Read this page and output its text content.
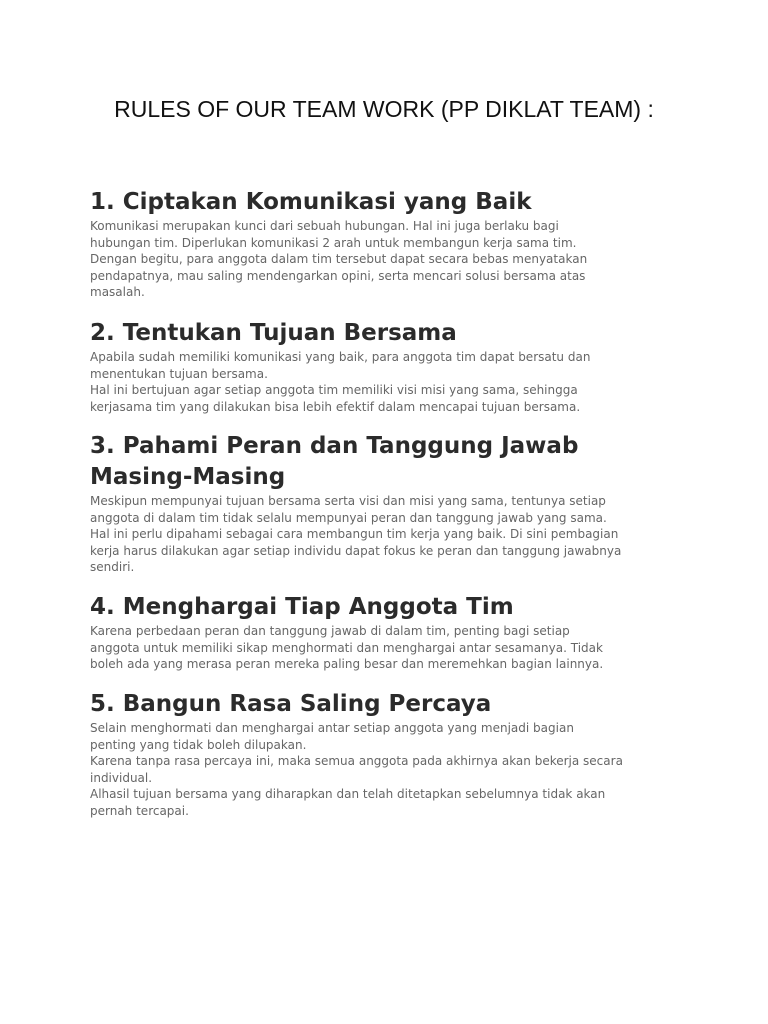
RULES OF OUR TEAM WORK (PP DIKLAT TEAM) :
1. Ciptakan Komunikasi yang Baik
Komunikasi merupakan kunci dari sebuah hubungan. Hal ini juga berlaku bagi
hubungan tim. Diperlukan komunikasi 2 arah untuk membangun kerja sama tim.
Dengan begitu, para anggota dalam tim tersebut dapat secara bebas menyatakan
pendapatnya, mau saling mendengarkan opini, serta mencari solusi bersama atas
masalah.
2. Tentukan Tujuan Bersama
Apabila sudah memiliki komunikasi yang baik, para anggota tim dapat bersatu dan
menentukan tujuan bersama.
Hal ini bertujuan agar setiap anggota tim memiliki visi misi yang sama, sehingga
kerjasama tim yang dilakukan bisa lebih efektif dalam mencapai tujuan bersama.
3. Pahami Peran dan Tanggung Jawab
Masing-Masing
Meskipun mempunyai tujuan bersama serta visi dan misi yang sama, tentunya setiap
anggota di dalam tim tidak selalu mempunyai peran dan tanggung jawab yang sama.
Hal ini perlu dipahami sebagai cara membangun tim kerja yang baik. Di sini pembagian
kerja harus dilakukan agar setiap individu dapat fokus ke peran dan tanggung jawabnya
sendiri.
4. Menghargai Tiap Anggota Tim
Karena perbedaan peran dan tanggung jawab di dalam tim, penting bagi setiap
anggota untuk memiliki sikap menghormati dan menghargai antar sesamanya. Tidak
boleh ada yang merasa peran mereka paling besar dan meremehkan bagian lainnya.
5. Bangun Rasa Saling Percaya
Selain menghormati dan menghargai antar setiap anggota yang menjadi bagian
penting yang tidak boleh dilupakan.
Karena tanpa rasa percaya ini, maka semua anggota pada akhirnya akan bekerja secara
individual.
Alhasil tujuan bersama yang diharapkan dan telah ditetapkan sebelumnya tidak akan
pernah tercapai.
